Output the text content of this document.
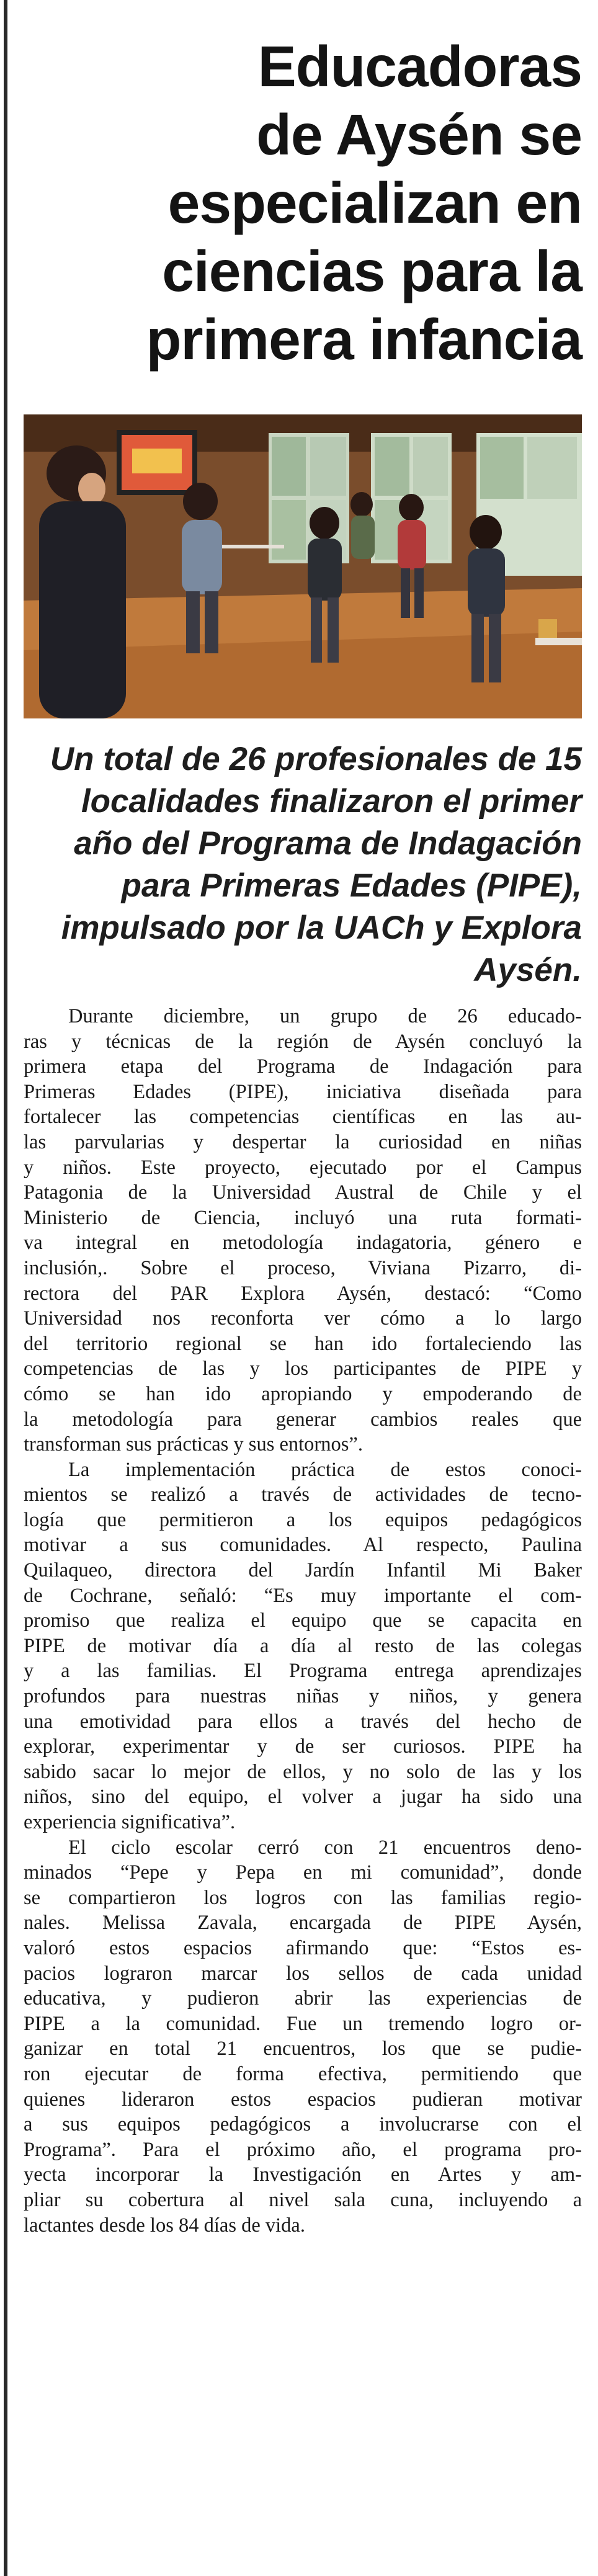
Educadoras
de Aysén se
especializan en
ciencias para la
primera infancia
Un total de 26 profesionales de 15
localidades finalizaron el primer
año del Programa de Indagación
para Primeras Edades (PIPE),
impulsado por la UACh y Explora
Aysén.

Durante diciembre, un grupo de 26 educado-
ras y técnicas de la región de Aysén concluyó la
primera etapa del Programa de Indagación para
Primeras Edades (PIPE), iniciativa diseñada para
fortalecer las competencias científicas en las au-
las parvularias y despertar la curiosidad en niñas
y niños. Este proyecto, ejecutado por el Campus
Patagonia de la Universidad Austral de Chile y el
Ministerio de Ciencia, incluyó una ruta formati-
va integral en metodología indagatoria, género e
inclusión,. Sobre el proceso, Viviana Pizarro, di-
rectora del PAR Explora Aysén, destacó: “Como
Universidad nos reconforta ver cómo a lo largo
del territorio regional se han ido fortaleciendo las
competencias de las y los participantes de PIPE y
cómo se han ido apropiando y empoderando de
la metodología para generar cambios reales que
transforman sus prácticas y sus entornos”.

La implementación práctica de estos conoci-
mientos se realizó a través de actividades de tecno-
logía que permitieron a los equipos pedagógicos
motivar a sus comunidades. Al respecto, Paulina
Quilaqueo, directora del Jardín Infantil Mi Baker
de Cochrane, señaló: “Es muy importante el com-
promiso que realiza el equipo que se capacita en
PIPE de motivar día a día al resto de las colegas
y a las familias. El Programa entrega aprendizajes
profundos para nuestras niñas y niños, y genera
una emotividad para ellos a través del hecho de
explorar, experimentar y de ser curiosos. PIPE ha
sabido sacar lo mejor de ellos, y no solo de las y los
niños, sino del equipo, el volver a jugar ha sido una
experiencia significativa”.

El ciclo escolar cerró con 21 encuentros deno-
minados “Pepe y Pepa en mi comunidad”, donde
se compartieron los logros con las familias regio-
nales. Melissa Zavala, encargada de PIPE Aysén,
valoró estos espacios afirmando que: “Estos es-
pacios lograron marcar los sellos de cada unidad
educativa, y pudieron abrir las experiencias de
PIPE a la comunidad. Fue un tremendo logro or-
ganizar en total 21 encuentros, los que se pudie-
ron ejecutar de forma efectiva, permitiendo que
quienes lideraron estos espacios pudieran motivar
a sus equipos pedagógicos a involucrarse con el
Programa”. Para el próximo año, el programa pro-
yecta incorporar la Investigación en Artes y am-
pliar su cobertura al nivel sala cuna, incluyendo a
lactantes desde los 84 días de vida.
